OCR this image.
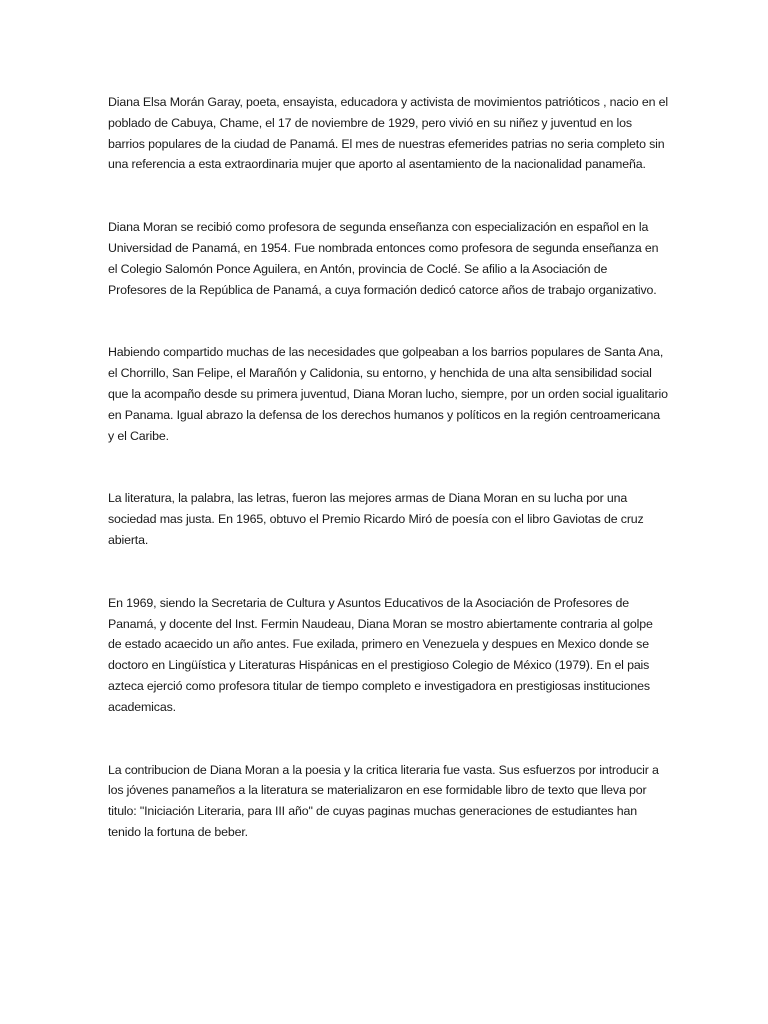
Diana Elsa Morán Garay, poeta, ensayista, educadora y activista de movimientos patrióticos , nacio en el poblado de Cabuya, Chame, el 17 de noviembre de 1929, pero vivió en su niñez y juventud en los barrios populares de la ciudad de Panamá. El mes de nuestras efemerides patrias no seria completo sin una referencia a esta extraordinaria mujer que aporto al asentamiento de la nacionalidad panameña.

Diana Moran se recibió como profesora de segunda enseñanza con especialización en español en la Universidad de Panamá, en 1954. Fue nombrada entonces como profesora de segunda enseñanza en el Colegio Salomón Ponce Aguilera, en Antón, provincia de Coclé. Se afilio a la Asociación de Profesores de la República de Panamá, a cuya formación dedicó catorce años de trabajo organizativo.

Habiendo compartido muchas de las necesidades que golpeaban a los barrios populares de Santa Ana, el Chorrillo, San Felipe, el Marañón y Calidonia, su entorno, y henchida de una alta sensibilidad social que la acompaño desde su primera juventud, Diana Moran lucho, siempre, por un orden social igualitario en Panama. Igual abrazo la defensa de los derechos humanos y políticos en la región centroamericana y el Caribe.

La literatura, la palabra, las letras, fueron las mejores armas de Diana Moran en su lucha por una sociedad mas justa. En 1965, obtuvo el Premio Ricardo Miró de poesía con el libro Gaviotas de cruz abierta.

En 1969, siendo la Secretaria de Cultura y Asuntos Educativos de la Asociación de Profesores de Panamá, y docente del Inst. Fermin Naudeau, Diana Moran se mostro abiertamente contraria al golpe de estado acaecido un año antes. Fue exilada, primero en Venezuela y despues en Mexico donde se doctoro en Lingüística y Literaturas Hispánicas en el prestigioso Colegio de México (1979). En el pais azteca ejerció como profesora titular de tiempo completo e investigadora en prestigiosas instituciones academicas.

La contribucion de Diana Moran a la poesia y la critica literaria fue vasta. Sus esfuerzos por introducir a los jóvenes panameños a la literatura se materializaron en ese formidable libro de texto que lleva por titulo: "Iniciación Literaria, para III año" de cuyas paginas muchas generaciones de estudiantes han tenido la fortuna de beber.
